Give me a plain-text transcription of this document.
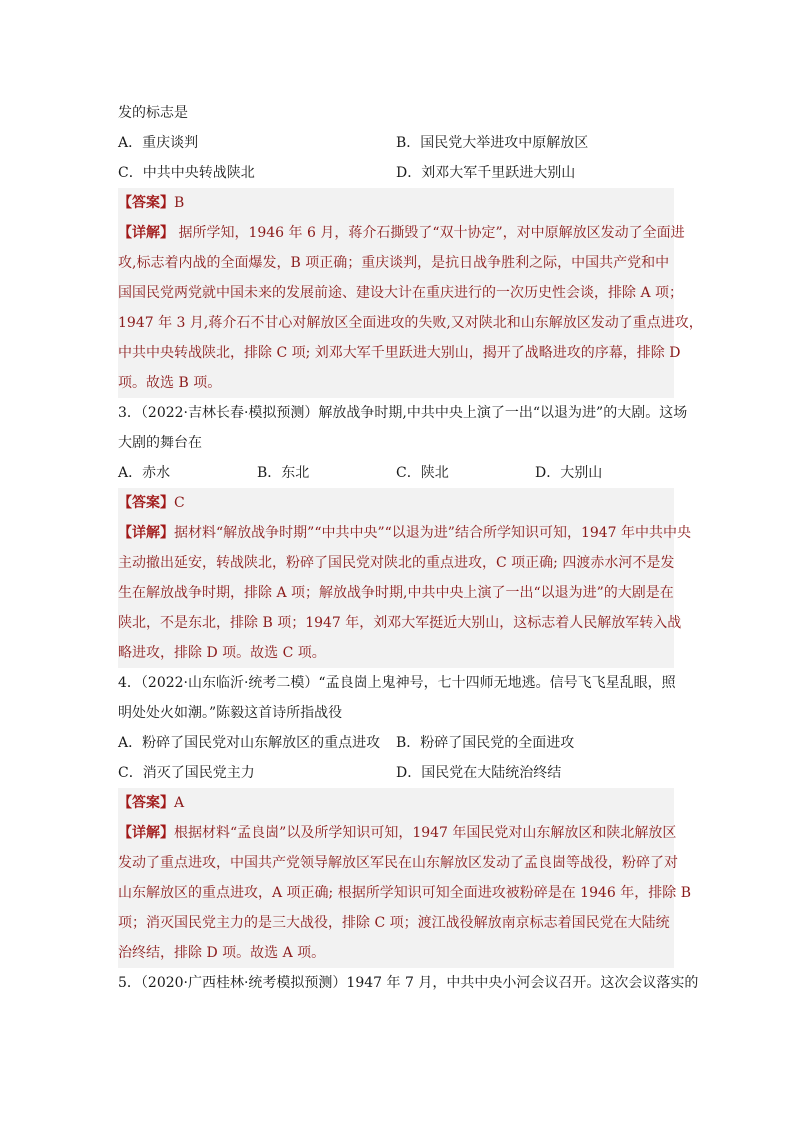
发的标志是
A．重庆谈判	B．国民党大举进攻中原解放区
C．中共中央转战陕北	D．刘邓大军千里跃进大别山
【答案】B
【详解】 据所学知，1946 年 6 月，蒋介石撕毁了“双十协定”，对中原解放区发动了全面进
攻,标志着内战的全面爆发，B 项正确；重庆谈判，是抗日战争胜利之际，中国共产党和中
国国民党两党就中国未来的发展前途、建设大计在重庆进行的一次历史性会谈，排除 A 项；
1947 年 3 月,蒋介石不甘心对解放区全面进攻的失败,又对陕北和山东解放区发动了重点进攻，
中共中央转战陕北，排除 C 项; 刘邓大军千里跃进大别山，揭开了战略进攻的序幕，排除 D
项。故选 B 项。
3．（2022·吉林长春·模拟预测）解放战争时期,中共中央上演了一出“以退为进”的大剧。这场
大剧的舞台在
A．赤水	B．东北	C．陕北	D．大别山
【答案】C
【详解】据材料“解放战争时期”“中共中央”“以退为进”结合所学知识可知，1947 年中共中央
主动撤出延安，转战陕北，粉碎了国民党对陕北的重点进攻，C 项正确; 四渡赤水河不是发
生在解放战争时期，排除 A 项；解放战争时期,中共中央上演了一出“以退为进”的大剧是在
陕北，不是东北，排除 B 项；1947 年，刘邓大军挺近大别山，这标志着人民解放军转入战
略进攻，排除 D 项。故选 C 项。
4．（2022·山东临沂·统考二模）“孟良崮上鬼神号，七十四师无地逃。信号飞飞星乱眼，照
明处处火如潮。”陈毅这首诗所指战役
A．粉碎了国民党对山东解放区的重点进攻	B．粉碎了国民党的全面进攻
C．消灭了国民党主力	D．国民党在大陆统治终结
【答案】A
【详解】根据材料“孟良崮”以及所学知识可知，1947 年国民党对山东解放区和陕北解放区
发动了重点进攻，中国共产党领导解放区军民在山东解放区发动了孟良崮等战役，粉碎了对
山东解放区的重点进攻，A 项正确; 根据所学知识可知全面进攻被粉碎是在 1946 年，排除 B
项；消灭国民党主力的是三大战役，排除 C 项；渡江战役解放南京标志着国民党在大陆统
治终结，排除 D 项。故选 A 项。
5．（2020·广西桂林·统考模拟预测）1947 年 7 月，中共中央小河会议召开。这次会议落实的
